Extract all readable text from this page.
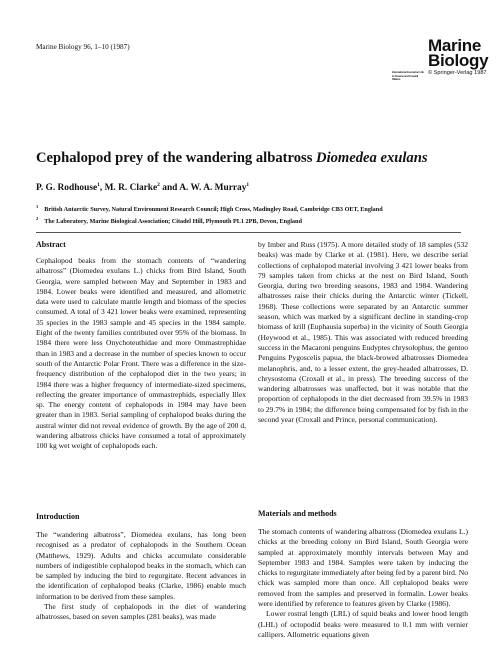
Marine Biology 96, 1–10 (1987)	Marine
International Journal on Life in Oceans and Coastal Waters
Biology
© Springer-Verlag 1987
Cephalopod prey of the wandering albatross Diomedea exulans
P. G. Rodhouse$^1$, M. R. Clarke$^2$ and A. W. A. Murray$^1$
$^1$ British Antarctic Survey, Natural Environment Research Council; High Cross, Madingley Road, Cambridge CB3 OET, England
$^2$ The Laboratory, Marine Biological Association; Citadel Hill, Plymouth PL1 2PB, Devon, England
Abstract

Cephalopod beaks from the stomach contents of “wandering albatross” (Diomedea exulans L.) chicks from Bird Island, South Georgia, were sampled between May and September in 1983 and 1984. Lower beaks were identified and measured, and allometric data were used to calculate mantle length and biomass of the species consumed. A total of 3 421 lower beaks were examined, representing 35 species in the 1983 sample and 45 species in the 1984 sample. Eight of the twenty families contributed over 95% of the biomass. In 1984 there were less Onychoteuthidae and more Ommastrephidae than in 1983 and a decrease in the number of species known to occur south of the Antarctic Polar Front. There was a difference in the size-frequency distribution of the cephalopod diet in the two years; in 1984 there was a higher frequency of intermediate-sized specimens, reflecting the greater importance of ommastrephids, especially Illex sp. The energy content of cephalopods in 1984 may have been greater than in 1983. Serial sampling of cephalopod beaks during the austral winter did not reveal evidence of growth. By the age of 200 d, wandering albatross chicks have consumed a total of approximately 100 kg wet weight of cephalopods each.

Introduction

The “wandering albatross”, Diomedea exulans, has long been recognised as a predator of cephalopods in the Southern Ocean (Matthews, 1929). Adults and chicks accumulate considerable numbers of indigestible cephalopod beaks in the stomach, which can be sampled by inducing the bird to regurgitate. Recent advances in the identification of cephalopod beaks (Clarke, 1986) enable much information to be derived from these samples.

The first study of cephalopods in the diet of wandering albatrosses, based on seven samples (281 beaks), was made

by Imber and Russ (1975). A more detailed study of 18 samples (532 beaks) was made by Clarke et al. (1981). Here, we describe serial collections of cephalopod material involving 3 421 lower beaks from 79 samples taken from chicks at the nest on Bird Island, South Georgia, during two breeding seasons, 1983 and 1984. Wandering albatrosses raise their chicks during the Antarctic winter (Tickell, 1968). These collections were separated by an Antarctic summer season, which was marked by a significant decline in standing-crop biomass of krill (Euphausia superba) in the vicinity of South Georgia (Heywood et al., 1985). This was associated with reduced breeding success in the Macaroni penguins Eudyptes chrysolophus, the gentoo Penguins Pygoscelis papua, the black-browed albatrosses Diomedea melanophris, and, to a lesser extent, the grey-headed albatrosses, D. chrysostoma (Croxall et al., in press). The breeding success of the wandering albatrosses was unaffected, but it was notable that the proportion of cephalopods in the diet decreased from 39.5% in 1983 to 29.7% in 1984; the difference being compensated for by fish in the second year (Croxall and Prince, personal communication).

Materials and methods

The stomach contents of wandering albatross (Diomedea exulans L.) chicks at the breeding colony on Bird Island, South Georgia were sampled at approximately monthly intervals between May and September 1983 and 1984. Samples were taken by inducing the chicks to regurgitate immediately after being fed by a parent bird. No chick was sampled more than once. All cephalopod beaks were removed from the samples and preserved in formalin. Lower beaks were identified by reference to features given by Clarke (1986).

Lower rostral length (LRL) of squid beaks and lower hood length (LHL) of octopodid beaks were measured to 0.1 mm with vernier callipers. Allometric equations given
